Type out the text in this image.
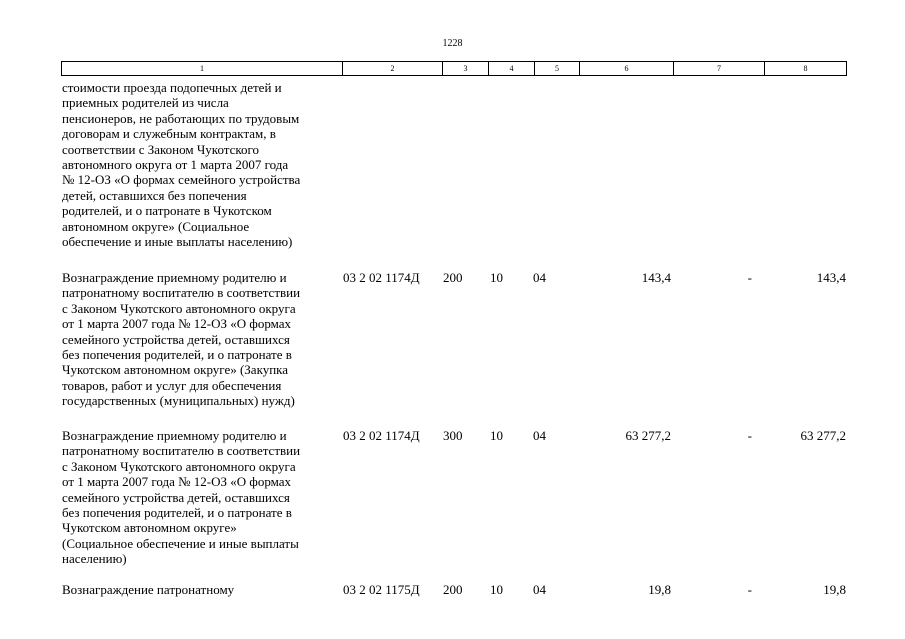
1228
1	2	3	4	5	6	7	8
стоимости проезда подопечных детей и
приемных родителей из числа
пенсионеров, не работающих по трудовым
договорам и служебным контрактам, в
соответствии с Законом Чукотского
автономного округа от 1 марта 2007 года
№ 12-ОЗ «О формах семейного устройства
детей, оставшихся без попечения
родителей, и о патронате в Чукотском
автономном округе» (Социальное
обеспечение и иные выплаты населению)
Вознаграждение приемному родителю и
патронатному воспитателю в соответствии
с Законом Чукотского автономного округа
от 1 марта 2007 года № 12-ОЗ «О формах
семейного устройства детей, оставшихся
без попечения родителей, и о патронате в
Чукотском автономном округе» (Закупка
товаров, работ и услуг для обеспечения
государственных (муниципальных) нужд)
03 2 02 1174Д	200	10	04	143,4	-	143,4
Вознаграждение приемному родителю и
патронатному воспитателю в соответствии
с Законом Чукотского автономного округа
от 1 марта 2007 года № 12-ОЗ «О формах
семейного устройства детей, оставшихся
без попечения родителей, и о патронате в
Чукотском автономном округе»
(Социальное обеспечение и иные выплаты
населению)
03 2 02 1174Д	300	10	04	63 277,2	-	63 277,2
Вознаграждение патронатному	03 2 02 1175Д	200	10	04	19,8	-	19,8
